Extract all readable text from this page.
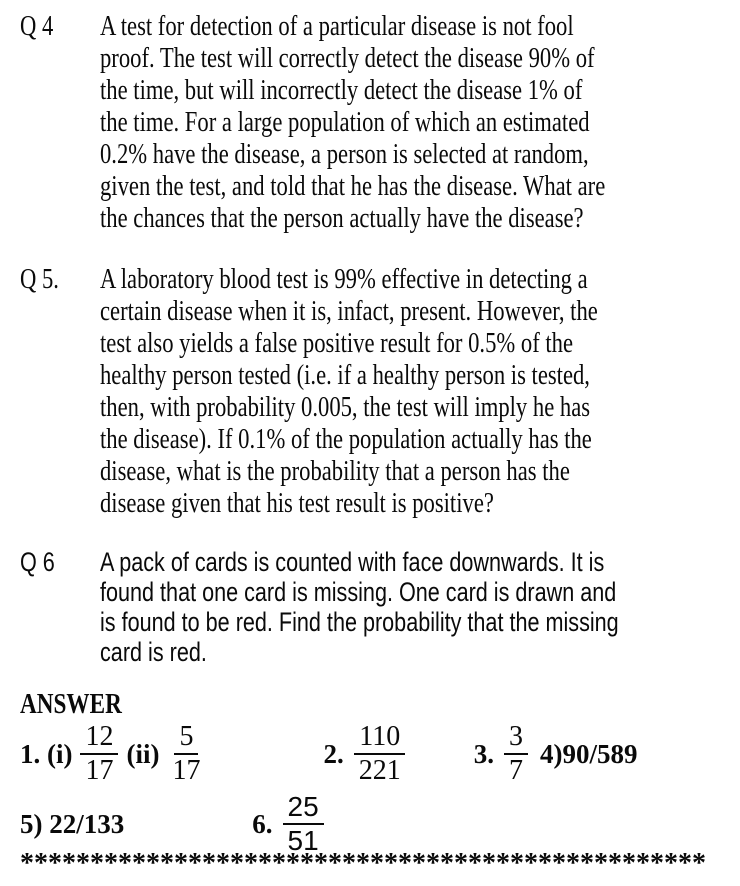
Q 4	A test for detection of a particular disease is not fool
proof. The test will correctly detect the disease 90% of
the time, but will incorrectly detect the disease 1% of
the time. For a large population of which an estimated
0.2% have the disease, a person is selected at random,
given the test, and told that he has the disease. What are
the chances that the person actually have the disease?
Q 5.	A laboratory blood test is 99% effective in detecting a
certain disease when it is, infact, present. However, the
test also yields a false positive result for 0.5% of the
healthy person tested (i.e. if a healthy person is tested,
then, with probability 0.005, the test will imply he has
the disease). If 0.1% of the population actually has the
disease, what is the probability that a person has the
disease given that his test result is positive?
Q 6	A pack of cards is counted with face downwards. It is
found that one card is missing. One card is drawn and
is found to be red. Find the probability that the missing
card is red.
ANSWER
1. $(i) \frac{12}{17} (ii) \frac{5}{17}$	2. $\frac{110}{221}$	3. $\frac{3}{7} 4)90/589$
5) 22/133	6. $\frac{25}{51}$
*************************************************
